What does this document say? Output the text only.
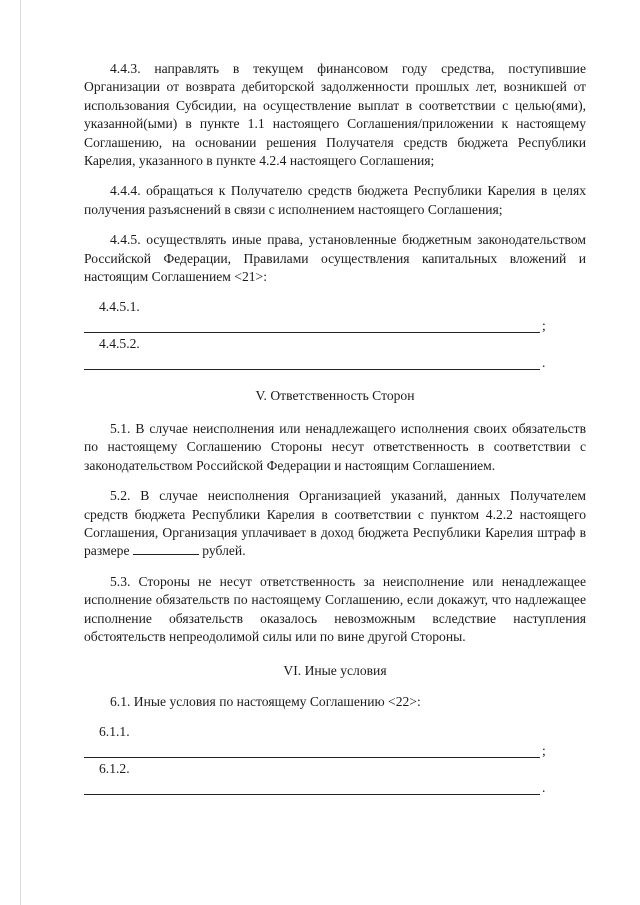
4.4.3. направлять в текущем финансовом году средства, поступившие Организации от возврата дебиторской задолженности прошлых лет, возникшей от использования Субсидии, на осуществление выплат в соответствии с целью(ями), указанной(ыми) в пункте 1.1 настоящего Соглашения/приложении к настоящему Соглашению, на основании решения Получателя средств бюджета Республики Карелия, указанного в пункте 4.2.4 настоящего Соглашения;

4.4.4. обращаться к Получателю средств бюджета Республики Карелия в целях получения разъяснений в связи с исполнением настоящего Соглашения;

4.4.5. осуществлять иные права, установленные бюджетным законодательством Российской Федерации, Правилами осуществления капитальных вложений и настоящим Соглашением <21>:

4.4.5.1.
;
4.4.5.2.
.
V. Ответственность Сторон

5.1. В случае неисполнения или ненадлежащего исполнения своих обязательств по настоящему Соглашению Стороны несут ответственность в соответствии с законодательством Российской Федерации и настоящим Соглашением.

5.2. В случае неисполнения Организацией указаний, данных Получателем средств бюджета Республики Карелия в соответствии с пунктом 4.2.2 настоящего Соглашения, Организация уплачивает в доход бюджета Республики Карелия штраф в размере	рублей.

5.3. Стороны не несут ответственность за неисполнение или ненадлежащее исполнение обязательств по настоящему Соглашению, если докажут, что надлежащее исполнение обязательств оказалось невозможным вследствие наступления обстоятельств непреодолимой силы или по вине другой Стороны.

VI. Иные условия

6.1. Иные условия по настоящему Соглашению <22>:

6.1.1.
;
6.1.2.
.
